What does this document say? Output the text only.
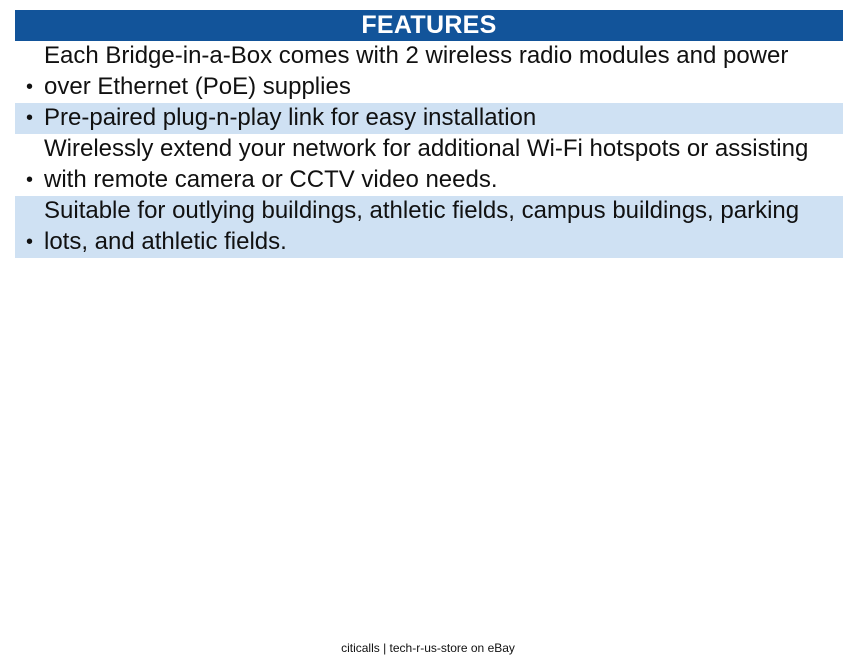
FEATURES
•
Each Bridge-in-a-Box comes with 2 wireless radio modules and power over Ethernet (PoE) supplies
• Pre-paired plug-n-play link for easy installation
•
Wirelessly extend your network for additional Wi-Fi hotspots or assisting with remote camera or CCTV video needs.
•
Suitable for outlying buildings, athletic fields, campus buildings, parking lots, and athletic fields.
citicalls | tech-r-us-store on eBay
